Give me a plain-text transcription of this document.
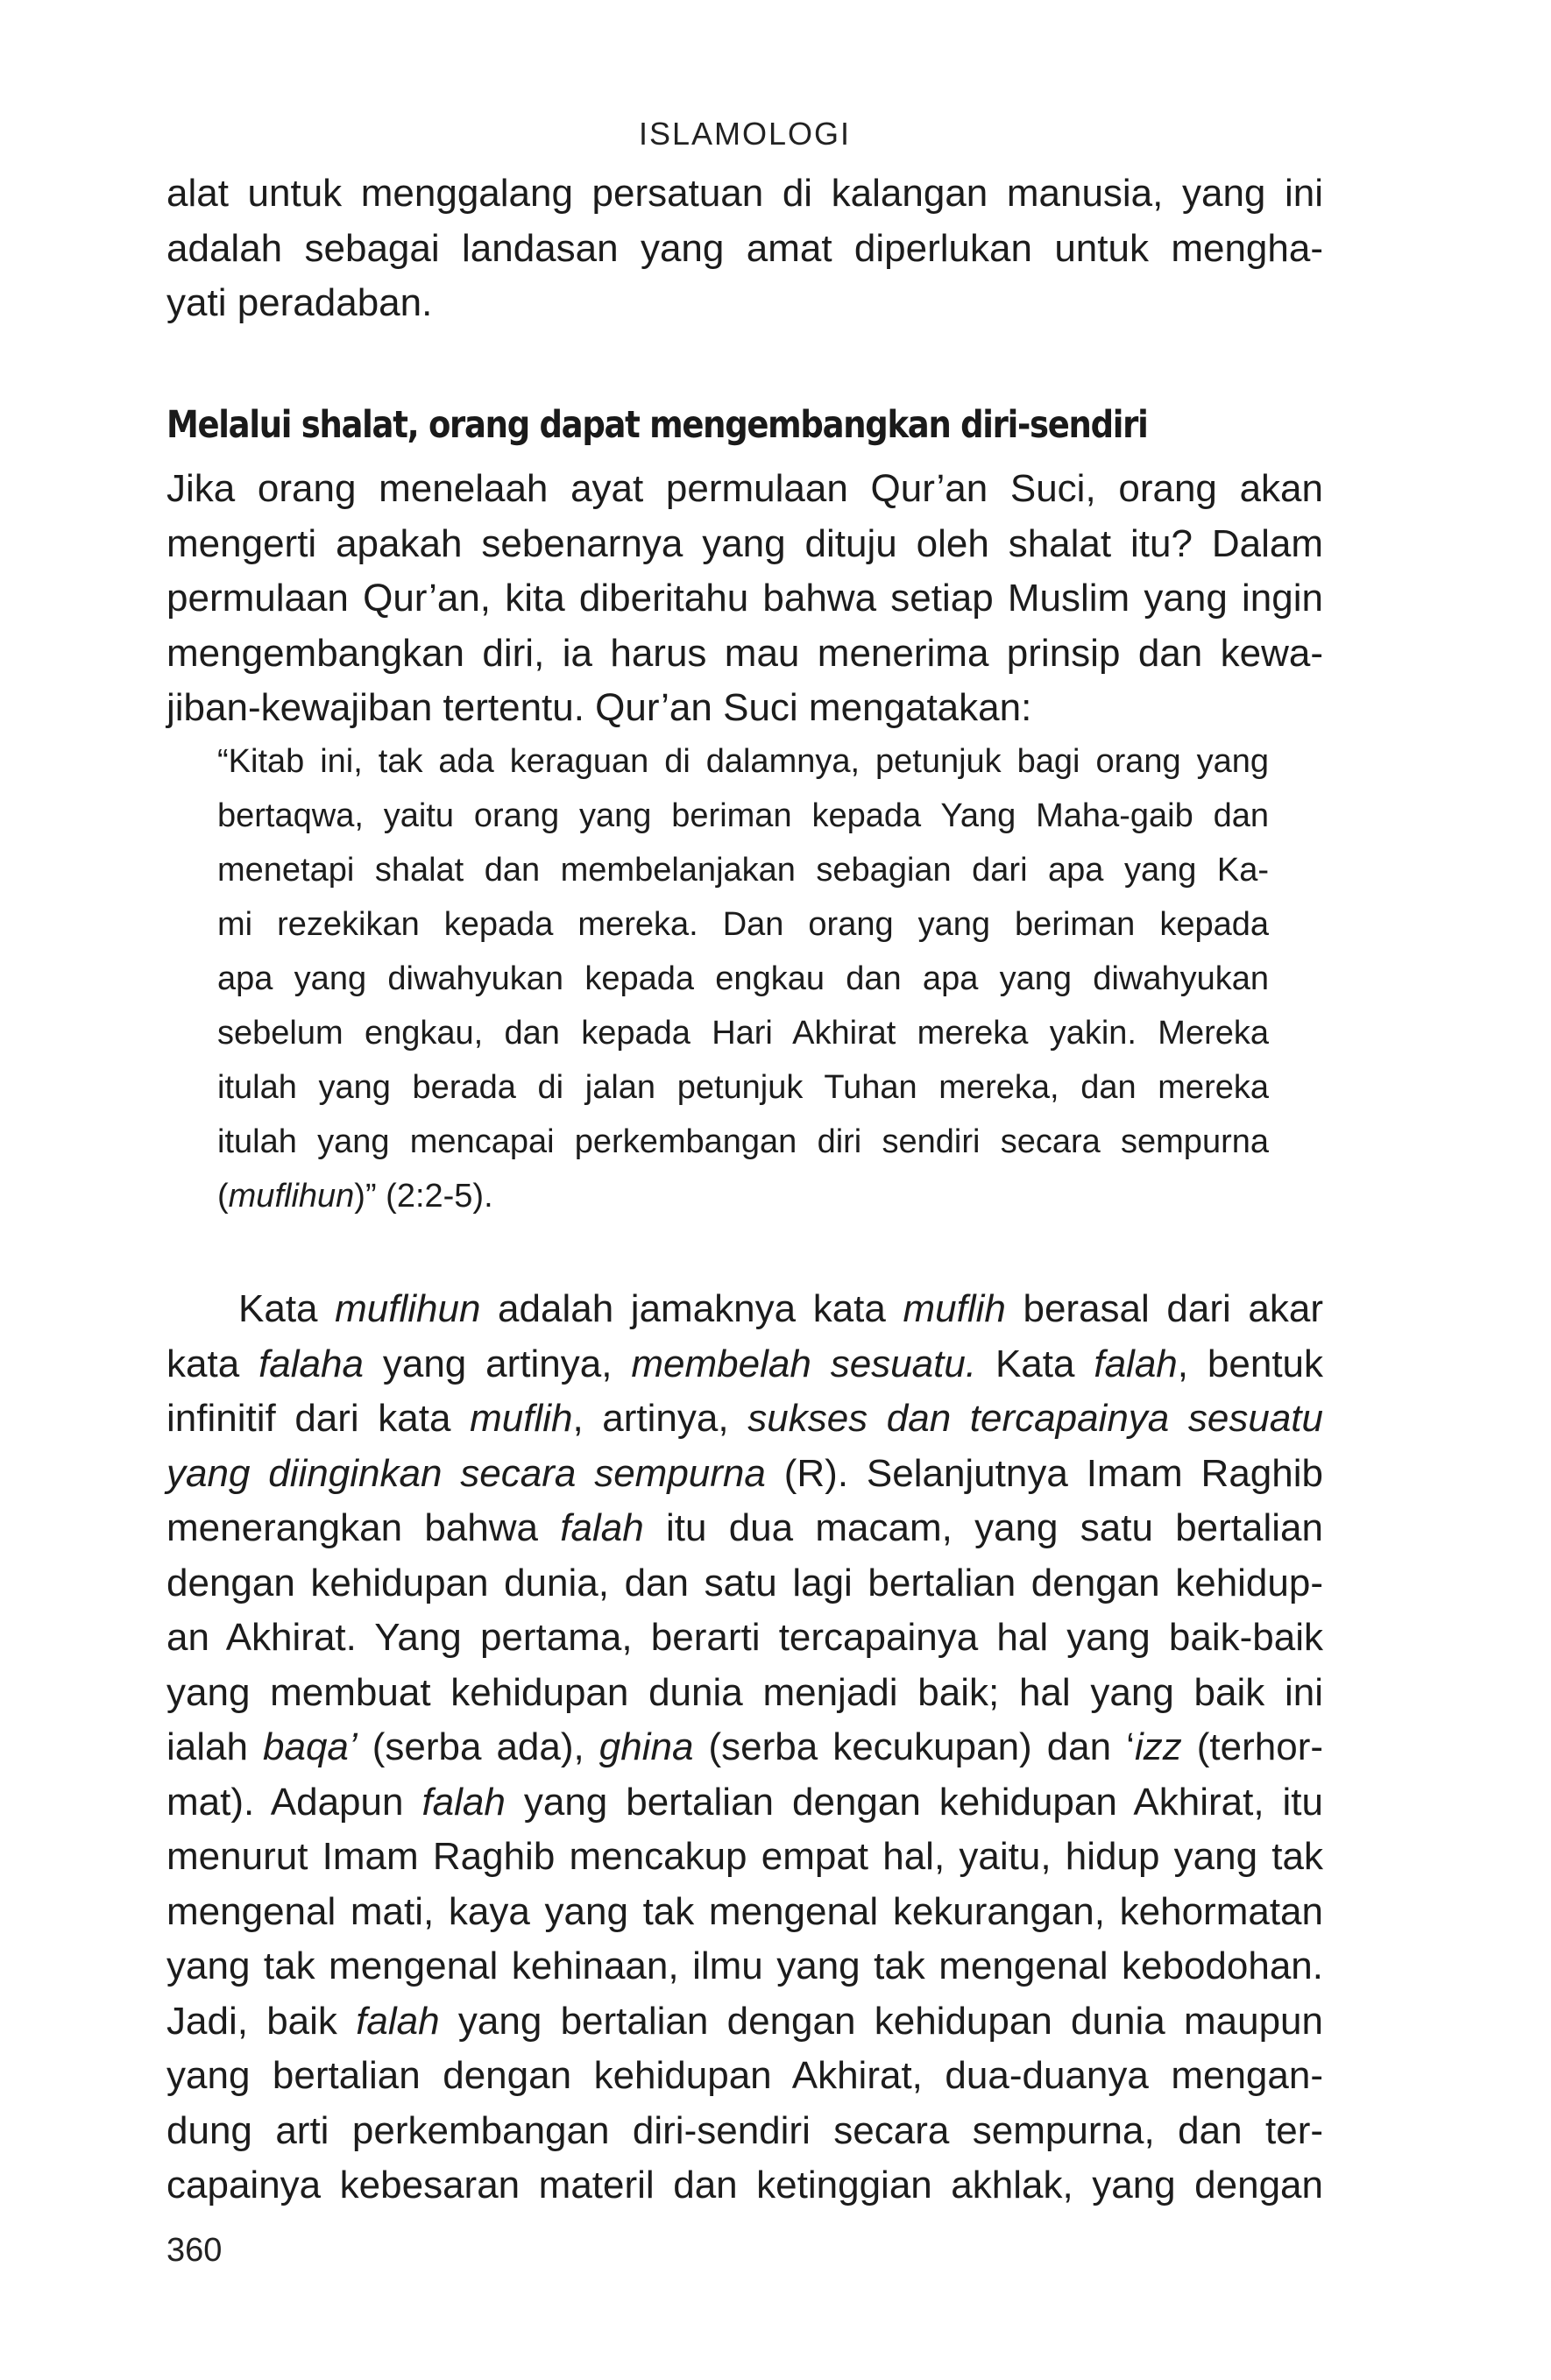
ISLAMOLOGI

alat untuk menggalang persatuan di kalangan manusia, yang ini
adalah sebagai landasan yang amat diperlukan untuk mengha-
yati peradaban.

Melalui shalat, orang dapat mengembangkan diri-sendiri

Jika orang menelaah ayat permulaan Qur’an Suci, orang akan
mengerti apakah sebenarnya yang dituju oleh shalat itu? Dalam
permulaan Qur’an, kita diberitahu bahwa setiap Muslim yang ingin
mengembangkan diri, ia harus mau menerima prinsip dan kewa-
jiban-kewajiban tertentu. Qur’an Suci mengatakan:

“Kitab ini, tak ada keraguan di dalamnya, petunjuk bagi orang yang
bertaqwa, yaitu orang yang beriman kepada Yang Maha-gaib dan
menetapi shalat dan membelanjakan sebagian dari apa yang Ka-
mi rezekikan kepada mereka. Dan orang yang beriman kepada
apa yang diwahyukan kepada engkau dan apa yang diwahyukan
sebelum engkau, dan kepada Hari Akhirat mereka yakin. Mereka
itulah yang berada di jalan petunjuk Tuhan mereka, dan mereka
itulah yang mencapai perkembangan diri sendiri secara sempurna
(muflihun)” (2:2-5).

Kata muflihun adalah jamaknya kata muflih berasal dari akar
kata falaha yang artinya, membelah sesuatu. Kata falah, bentuk
infinitif dari kata muflih, artinya, sukses dan tercapainya sesuatu
yang diinginkan secara sempurna (R). Selanjutnya Imam Raghib
menerangkan bahwa falah itu dua macam, yang satu bertalian
dengan kehidupan dunia, dan satu lagi bertalian dengan kehidup-
an Akhirat. Yang pertama, berarti tercapainya hal yang baik-baik
yang membuat kehidupan dunia menjadi baik; hal yang baik ini
ialah baqa’ (serba ada), ghina (serba kecukupan) dan ‘izz (terhor-
mat). Adapun falah yang bertalian dengan kehidupan Akhirat, itu
menurut Imam Raghib mencakup empat hal, yaitu, hidup yang tak
mengenal mati, kaya yang tak mengenal kekurangan, kehormatan
yang tak mengenal kehinaan, ilmu yang tak mengenal kebodohan.
Jadi, baik falah yang bertalian dengan kehidupan dunia maupun
yang bertalian dengan kehidupan Akhirat, dua-duanya mengan-
dung arti perkembangan diri-sendiri secara sempurna, dan ter-
capainya kebesaran materil dan ketinggian akhlak, yang dengan

360
